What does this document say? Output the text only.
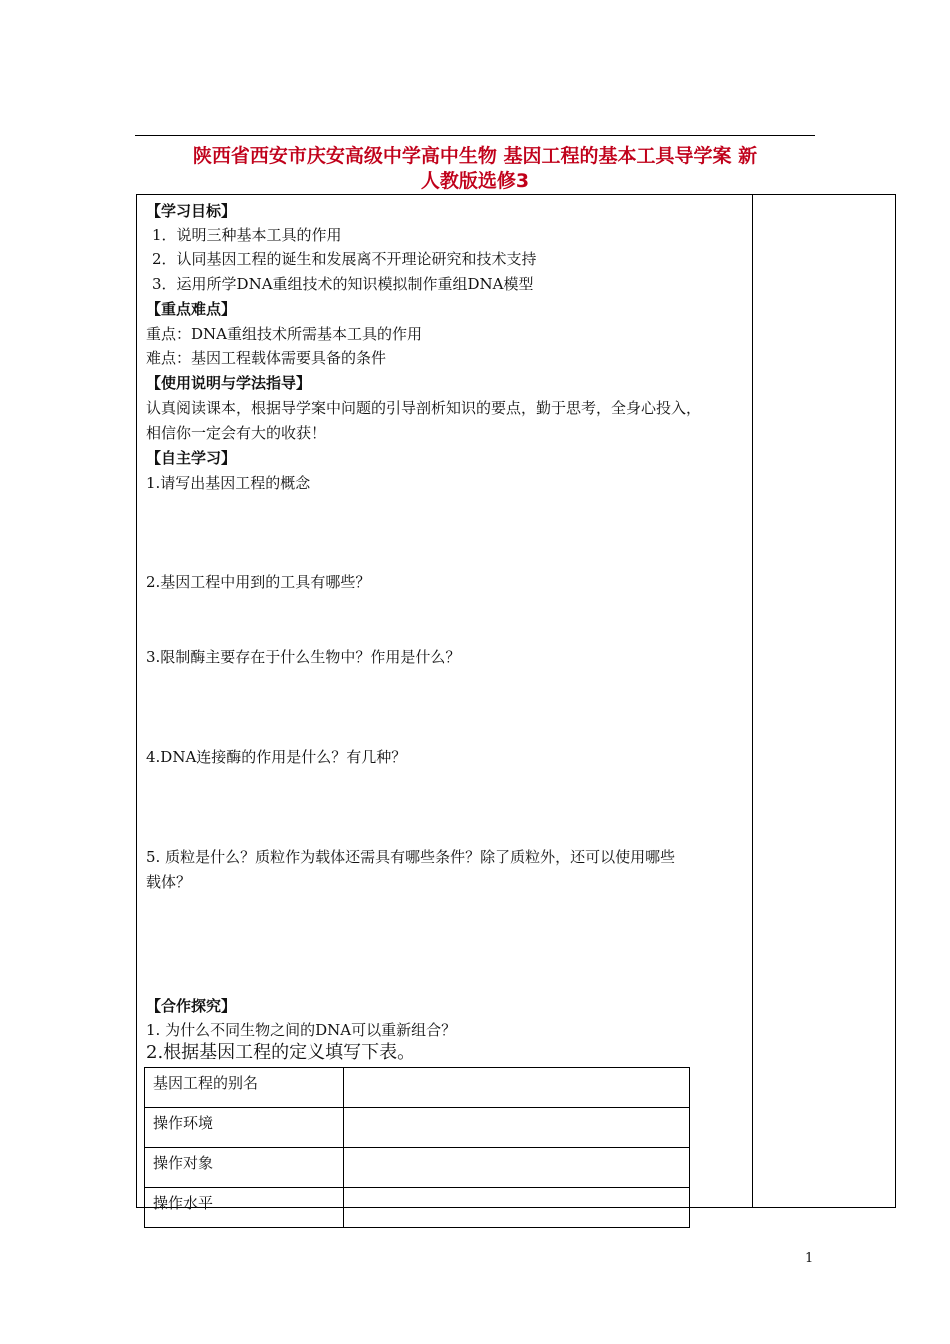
陕西省西安市庆安高级中学高中生物 基因工程的基本工具导学案 新
人教版选修3
【学习目标】
1．说明三种基本工具的作用
2．认同基因工程的诞生和发展离不开理论研究和技术支持
3．运用所学DNA重组技术的知识模拟制作重组DNA模型
【重点难点】
重点：DNA重组技术所需基本工具的作用
难点：基因工程载体需要具备的条件
【使用说明与学法指导】
认真阅读课本，根据导学案中问题的引导剖析知识的要点，勤于思考，全身心投入，
相信你一定会有大的收获！
【自主学习】
1.请写出基因工程的概念
2.基因工程中用到的工具有哪些？
3.限制酶主要存在于什么生物中？作用是什么？
4.DNA连接酶的作用是什么？有几种？
5. 质粒是什么？质粒作为载体还需具有哪些条件？除了质粒外，还可以使用哪些
载体？
【合作探究】
1. 为什么不同生物之间的DNA可以重新组合？
2.根据基因工程的定义填写下表。
基因工程的别名	
操作环境	
操作对象	
操作水平	
1
